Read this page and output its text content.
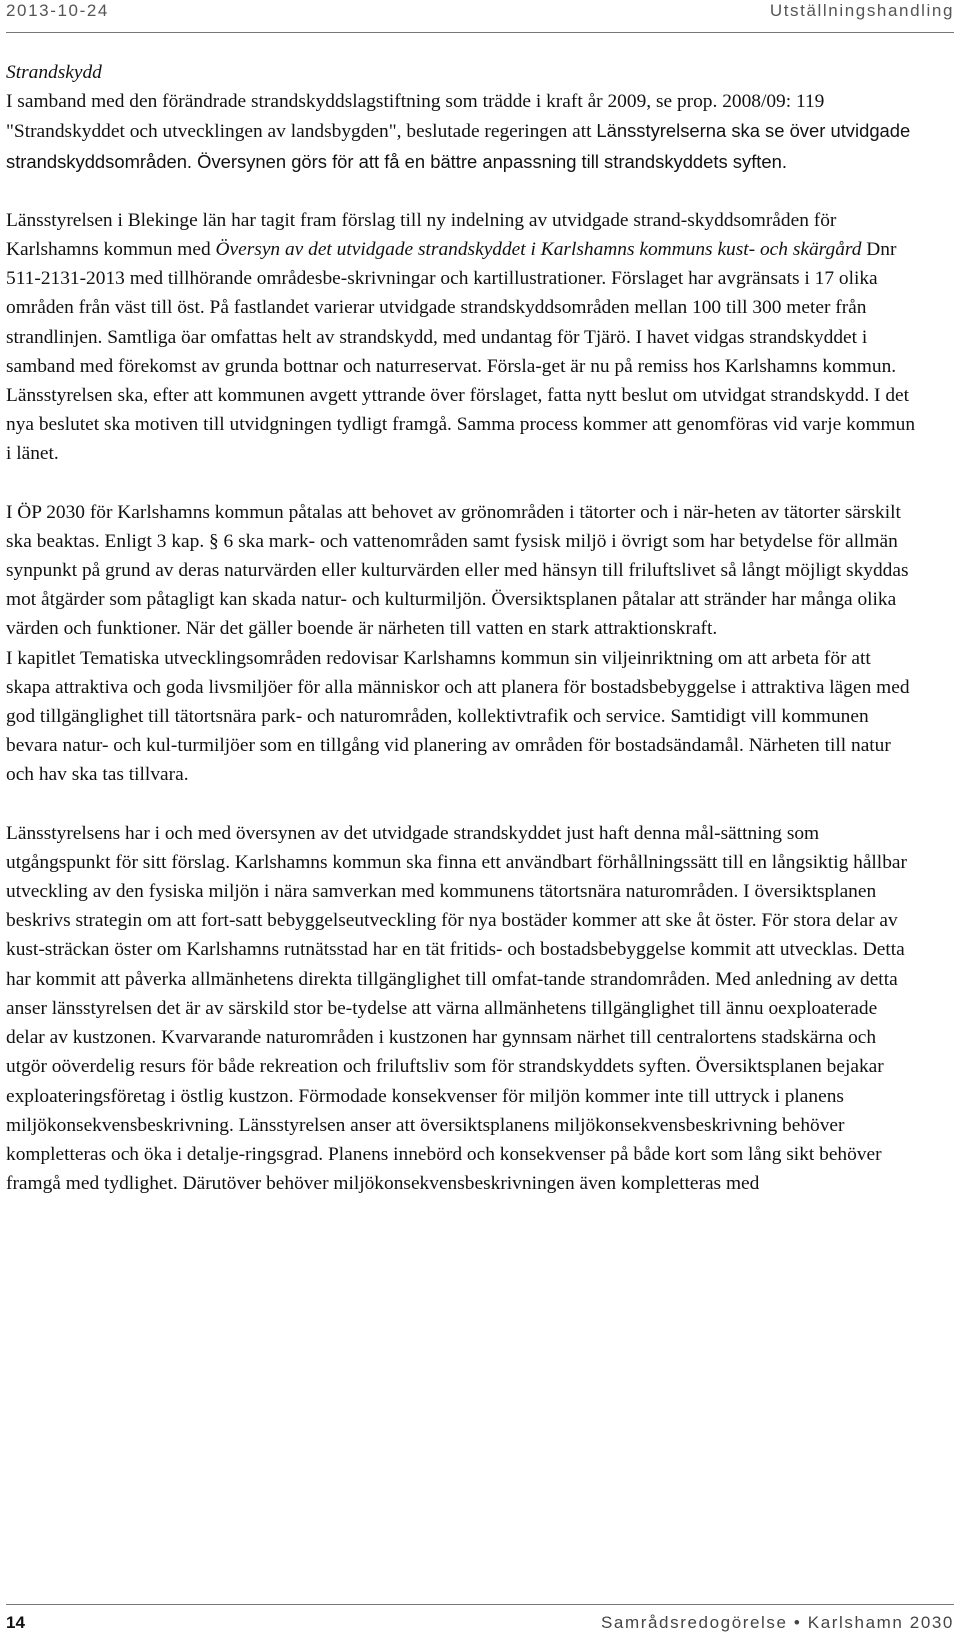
2013-10-24	Utställningshandling

Strandskydd
I samband med den förändrade strandskyddslagstiftning som trädde i kraft år 2009, se prop. 2008/09: 119 "Strandskyddet och utvecklingen av landsbygden", beslutade regeringen att Länsstyrelserna ska se över utvidgade strandskyddsområden. Översynen görs för att få en bättre anpassning till strandskyddets syften.

Länsstyrelsen i Blekinge län har tagit fram förslag till ny indelning av utvidgade strand-skyddsområden för Karlshamns kommun med Översyn av det utvidgade strandskyddet i Karlshamns kommuns kust- och skärgård Dnr 511-2131-2013 med tillhörande områdesbe-skrivningar och kartillustrationer. Förslaget har avgränsats i 17 olika områden från väst till öst. På fastlandet varierar utvidgade strandskyddsområden mellan 100 till 300 meter från strandlinjen. Samtliga öar omfattas helt av strandskydd, med undantag för Tjärö. I havet vidgas strandskyddet i samband med förekomst av grunda bottnar och naturreservat. Försla-get är nu på remiss hos Karlshamns kommun. Länsstyrelsen ska, efter att kommunen avgett yttrande över förslaget, fatta nytt beslut om utvidgat strandskydd. I det nya beslutet ska motiven till utvidgningen tydligt framgå. Samma process kommer att genomföras vid varje kommun i länet.

I ÖP 2030 för Karlshamns kommun påtalas att behovet av grönområden i tätorter och i när-heten av tätorter särskilt ska beaktas. Enligt 3 kap. § 6 ska mark- och vattenområden samt fysisk miljö i övrigt som har betydelse för allmän synpunkt på grund av deras naturvärden eller kulturvärden eller med hänsyn till friluftslivet så långt möjligt skyddas mot åtgärder som påtagligt kan skada natur- och kulturmiljön. Översiktsplanen påtalar att stränder har många olika värden och funktioner. När det gäller boende är närheten till vatten en stark attraktionskraft.

I kapitlet Tematiska utvecklingsområden redovisar Karlshamns kommun sin viljeinriktning om att arbeta för att skapa attraktiva och goda livsmiljöer för alla människor och att planera för bostadsbebyggelse i attraktiva lägen med god tillgänglighet till tätortsnära park- och naturområden, kollektivtrafik och service. Samtidigt vill kommunen bevara natur- och kul-turmiljöer som en tillgång vid planering av områden för bostadsändamål. Närheten till natur och hav ska tas tillvara.

Länsstyrelsens har i och med översynen av det utvidgade strandskyddet just haft denna mål-sättning som utgångspunkt för sitt förslag. Karlshamns kommun ska finna ett användbart förhållningssätt till en långsiktig hållbar utveckling av den fysiska miljön i nära samverkan med kommunens tätortsnära naturområden. I översiktsplanen beskrivs strategin om att fort-satt bebyggelseutveckling för nya bostäder kommer att ske åt öster. För stora delar av kust-sträckan öster om Karlshamns rutnätsstad har en tät fritids- och bostadsbebyggelse kommit att utvecklas. Detta har kommit att påverka allmänhetens direkta tillgänglighet till omfat-tande strandområden. Med anledning av detta anser länsstyrelsen det är av särskild stor be-tydelse att värna allmänhetens tillgänglighet till ännu oexploaterade delar av kustzonen. Kvarvarande naturområden i kustzonen har gynnsam närhet till centralortens stadskärna och utgör oöverdelig resurs för både rekreation och friluftsliv som för strandskyddets syften. Översiktsplanen bejakar exploateringsföretag i östlig kustzon. Förmodade konsekvenser för miljön kommer inte till uttryck i planens miljökonsekvensbeskrivning. Länsstyrelsen anser att översiktsplanens miljökonsekvensbeskrivning behöver kompletteras och öka i detalje-ringsgrad. Planens innebörd och konsekvenser på både kort som lång sikt behöver framgå med tydlighet. Därutöver behöver miljökonsekvensbeskrivningen även kompletteras med

14	Samrådsredogörelse • Karlshamn 2030
